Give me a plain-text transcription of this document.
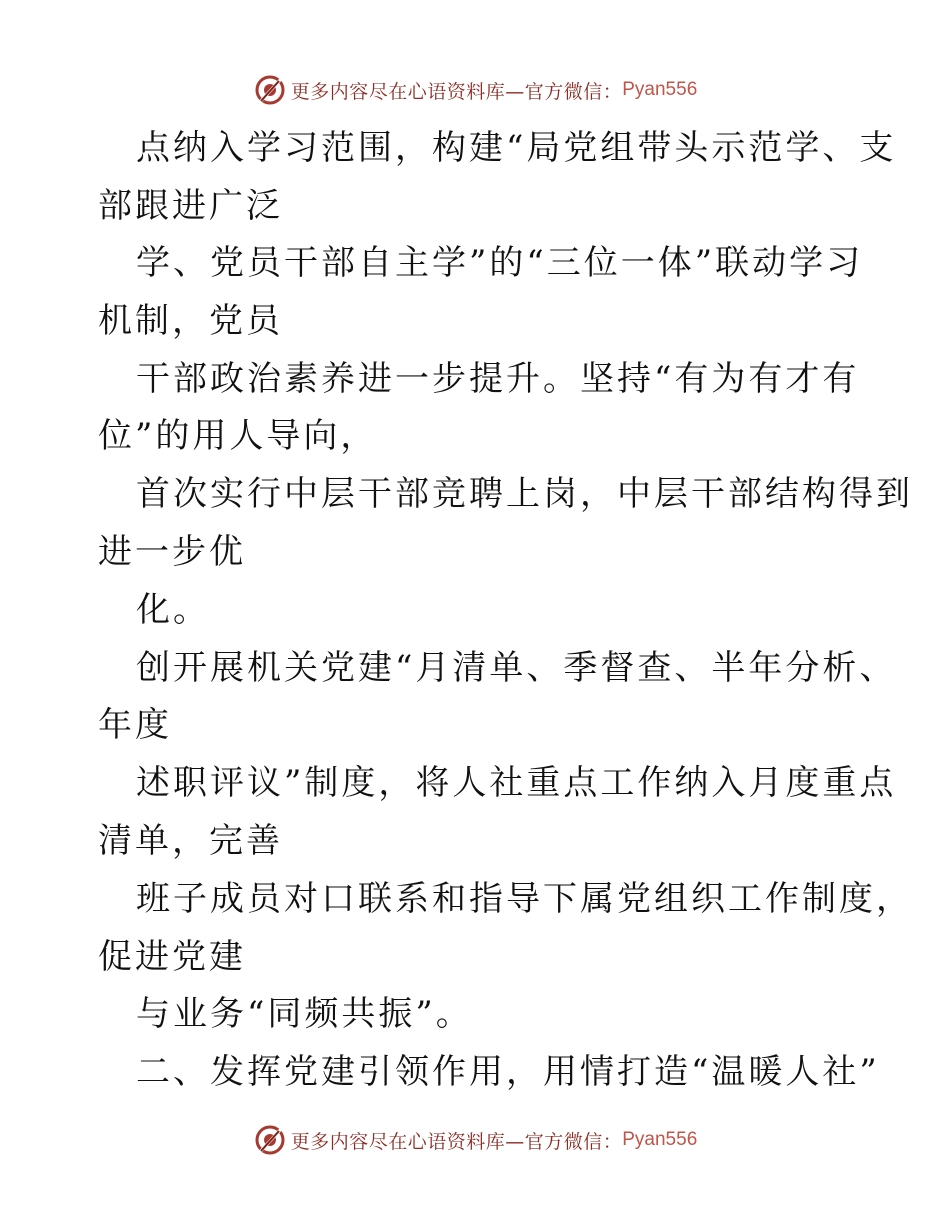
更多内容尽在心语资料库—官方微信： Pyan556
点纳入学习范围，构建“局党组带头示范学、支
部跟进广泛
学、党员干部自主学”的“三位一体”联动学习
机制，党员
干部政治素养进一步提升。坚持“有为有才有
位”的用人导向，
首次实行中层干部竞聘上岗，中层干部结构得到
进一步优
化。
创开展机关党建“月清单、季督查、半年分析、
年度
述职评议”制度，将人社重点工作纳入月度重点
清单，完善
班子成员对口联系和指导下属党组织工作制度，
促进党建
与业务“同频共振”。
二、发挥党建引领作用，用情打造“温暖人社”
更多内容尽在心语资料库—官方微信： Pyan556
